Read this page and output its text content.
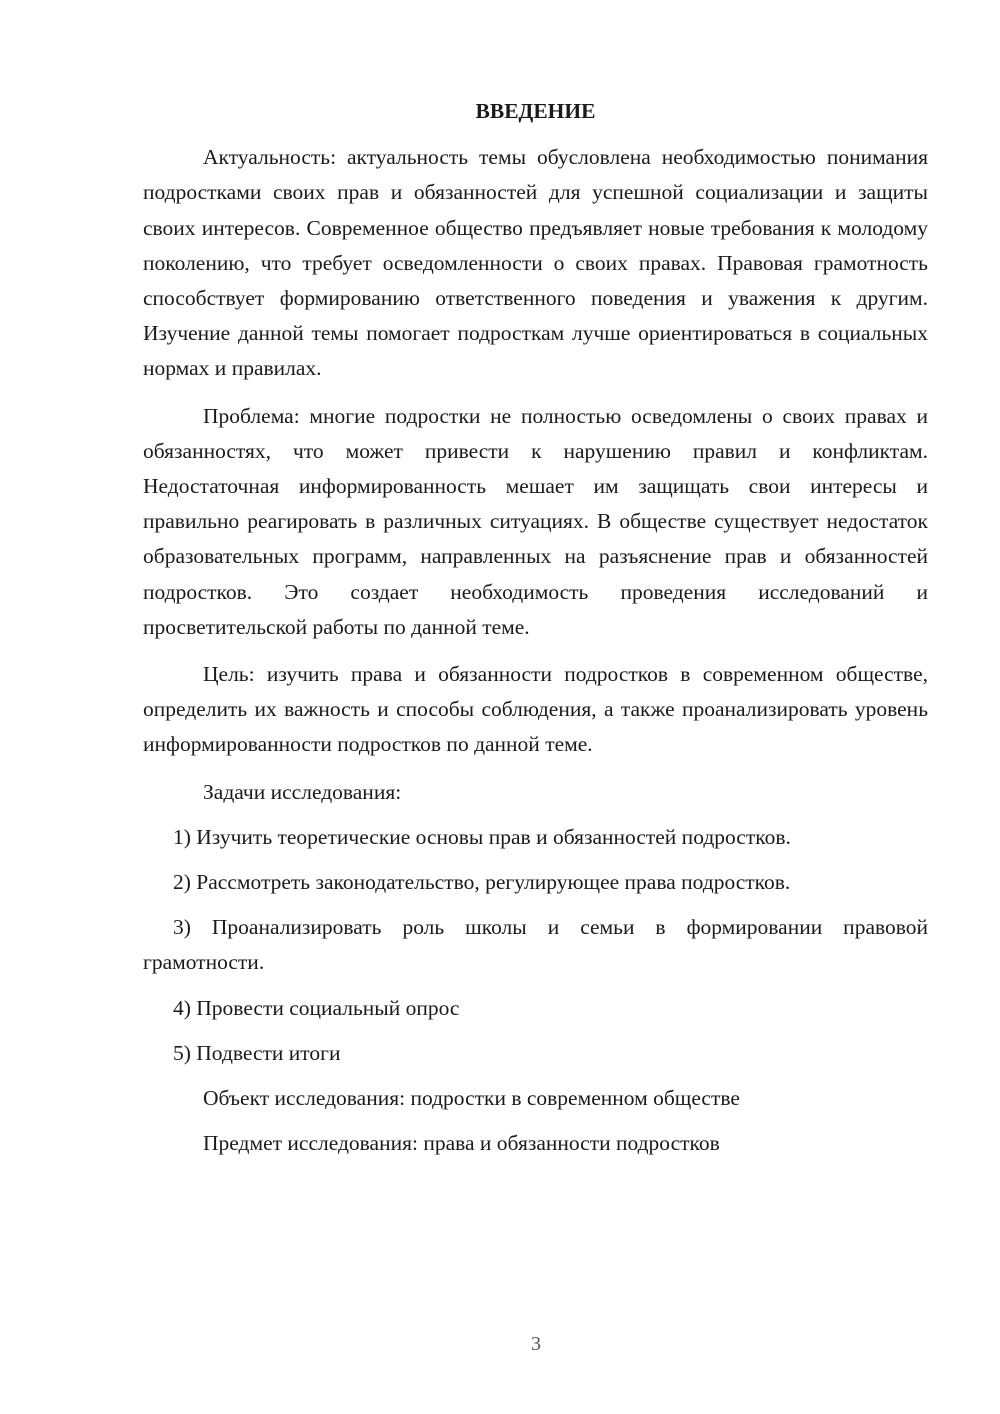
ВВЕДЕНИЕ

Актуальность: актуальность темы обусловлена необходимостью понимания подростками своих прав и обязанностей для успешной социализации и защиты своих интересов. Современное общество предъявляет новые требования к молодому поколению, что требует осведомленности о своих правах. Правовая грамотность способствует формированию ответственного поведения и уважения к другим. Изучение данной темы помогает подросткам лучше ориентироваться в социальных нормах и правилах.

Проблема: многие подростки не полностью осведомлены о своих правах и обязанностях, что может привести к нарушению правил и конфликтам. Недостаточная информированность мешает им защищать свои интересы и правильно реагировать в различных ситуациях. В обществе существует недостаток образовательных программ, направленных на разъяснение прав и обязанностей подростков. Это создает необходимость проведения исследований и просветительской работы по данной теме.

Цель: изучить права и обязанности подростков в современном обществе, определить их важность и способы соблюдения, а также проанализировать уровень информированности подростков по данной теме.

Задачи исследования:

1) Изучить теоретические основы прав и обязанностей подростков.

2) Рассмотреть законодательство, регулирующее права подростков.

3) Проанализировать роль школы и семьи в формировании правовой грамотности.

4) Провести социальный опрос

5) Подвести итоги

Объект исследования: подростки в современном обществе

Предмет исследования: права и обязанности подростков

3
